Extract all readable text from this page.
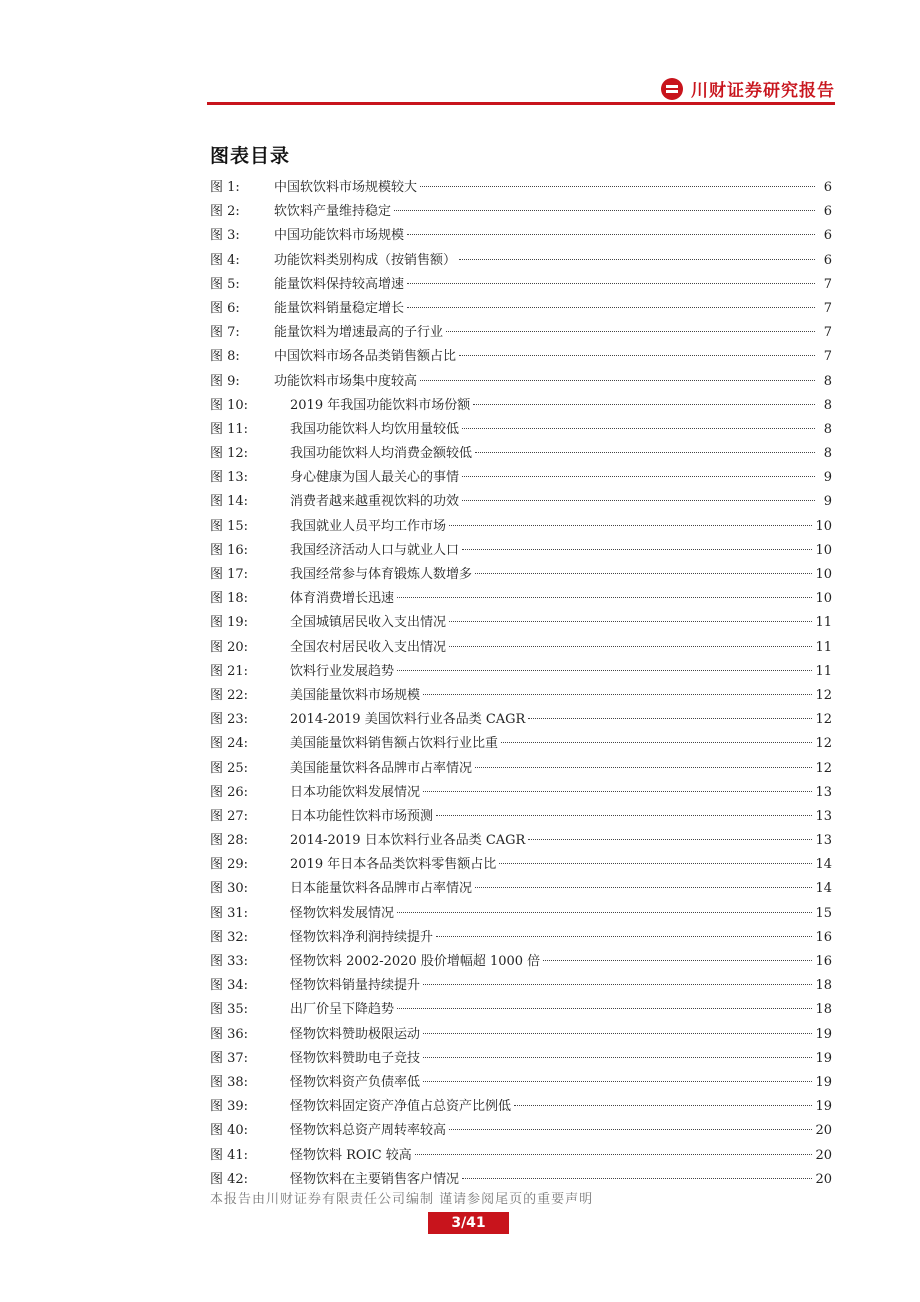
川财证券研究报告
图表目录
图 1:	中国软饮料市场规模较大	6
图 2:	软饮料产量维持稳定	6
图 3:	中国功能饮料市场规模	6
图 4:	功能饮料类别构成（按销售额）	6
图 5:	能量饮料保持较高增速	7
图 6:	能量饮料销量稳定增长	7
图 7:	能量饮料为增速最高的子行业	7
图 8:	中国饮料市场各品类销售额占比	7
图 9:	功能饮料市场集中度较高	8
图 10:	2019 年我国功能饮料市场份额	8
图 11:	我国功能饮料人均饮用量较低	8
图 12:	我国功能饮料人均消费金额较低	8
图 13:	身心健康为国人最关心的事情	9
图 14:	消费者越来越重视饮料的功效	9
图 15:	我国就业人员平均工作市场	10
图 16:	我国经济活动人口与就业人口	10
图 17:	我国经常参与体育锻炼人数增多	10
图 18:	体育消费增长迅速	10
图 19:	全国城镇居民收入支出情况	11
图 20:	全国农村居民收入支出情况	11
图 21:	饮料行业发展趋势	11
图 22:	美国能量饮料市场规模	12
图 23:	2014-2019 美国饮料行业各品类 CAGR	12
图 24:	美国能量饮料销售额占饮料行业比重	12
图 25:	美国能量饮料各品牌市占率情况	12
图 26:	日本功能饮料发展情况	13
图 27:	日本功能性饮料市场预测	13
图 28:	2014-2019 日本饮料行业各品类 CAGR	13
图 29:	2019 年日本各品类饮料零售额占比	14
图 30:	日本能量饮料各品牌市占率情况	14
图 31:	怪物饮料发展情况	15
图 32:	怪物饮料净利润持续提升	16
图 33:	怪物饮料 2002-2020 股价增幅超 1000 倍	16
图 34:	怪物饮料销量持续提升	18
图 35:	出厂价呈下降趋势	18
图 36:	怪物饮料赞助极限运动	19
图 37:	怪物饮料赞助电子竞技	19
图 38:	怪物饮料资产负债率低	19
图 39:	怪物饮料固定资产净值占总资产比例低	19
图 40:	怪物饮料总资产周转率较高	20
图 41:	怪物饮料 ROIC 较高	20
图 42:	怪物饮料在主要销售客户情况	20
本报告由川财证券有限责任公司编制 谨请参阅尾页的重要声明
3/41
